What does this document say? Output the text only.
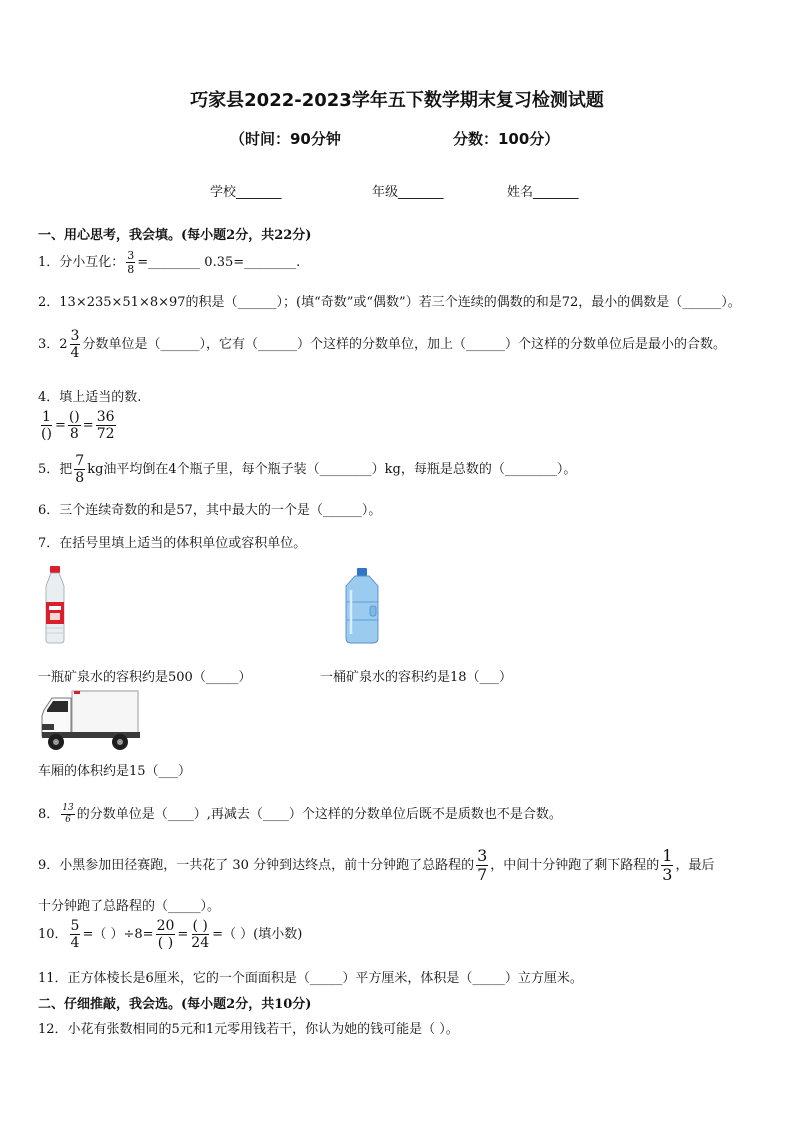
巧家县2022-2023学年五下数学期末复习检测试题
（时间：90分钟	分数：100分）
学校_______	年级_______	姓名_______
一、用心思考，我会填。(每小题2分，共22分)
1．分小互化： $\frac{3}{8}$ =________ 0.35=________.
2．13×235×51×8×97的积是（______）；(填“奇数”或“偶数”）若三个连续的偶数的和是72，最小的偶数是（______）。
3．$2 \frac{3}{4}$ 分数单位是（______），它有（______）个这样的分数单位，加上（______）个这样的分数单位后是最小的合数。
4．填上适当的数.
$\frac{1}{()} = \frac{()}{8} = \frac{36}{72}$
5．把 $\frac{7}{8}$ kg油平均倒在4个瓶子里，每个瓶子装（________）kg，每瓶是总数的（________）。
6．三个连续奇数的和是57，其中最大的一个是（______）。
7．在括号里填上适当的体积单位或容积单位。
一瓶矿泉水的容积约是500（_____）	一桶矿泉水的容积约是18（___）
车厢的体积约是15（___）
8． $\frac{13}{6}$ 的分数单位是（____）,再减去（____）个这样的分数单位后既不是质数也不是合数。
9．小黑参加田径赛跑，一共花了 30 分钟到达终点，前十分钟跑了总路程的 $\frac{3}{7}$ ，中间十分钟跑了剩下路程的 $\frac{1}{3}$ ，最后
十分钟跑了总路程的（_____）。
10． $\frac{5}{4}$ =（ ）$\div 8= \frac{20}{( )} = \frac{( )}{24}$ =（ ）(填小数)
11．正方体棱长是6厘米，它的一个面面积是（_____）平方厘米，体积是（_____）立方厘米。
二、仔细推敲，我会选。(每小题2分，共10分)
12．小花有张数相同的5元和1元零用钱若干，你认为她的钱可能是（ ）。
